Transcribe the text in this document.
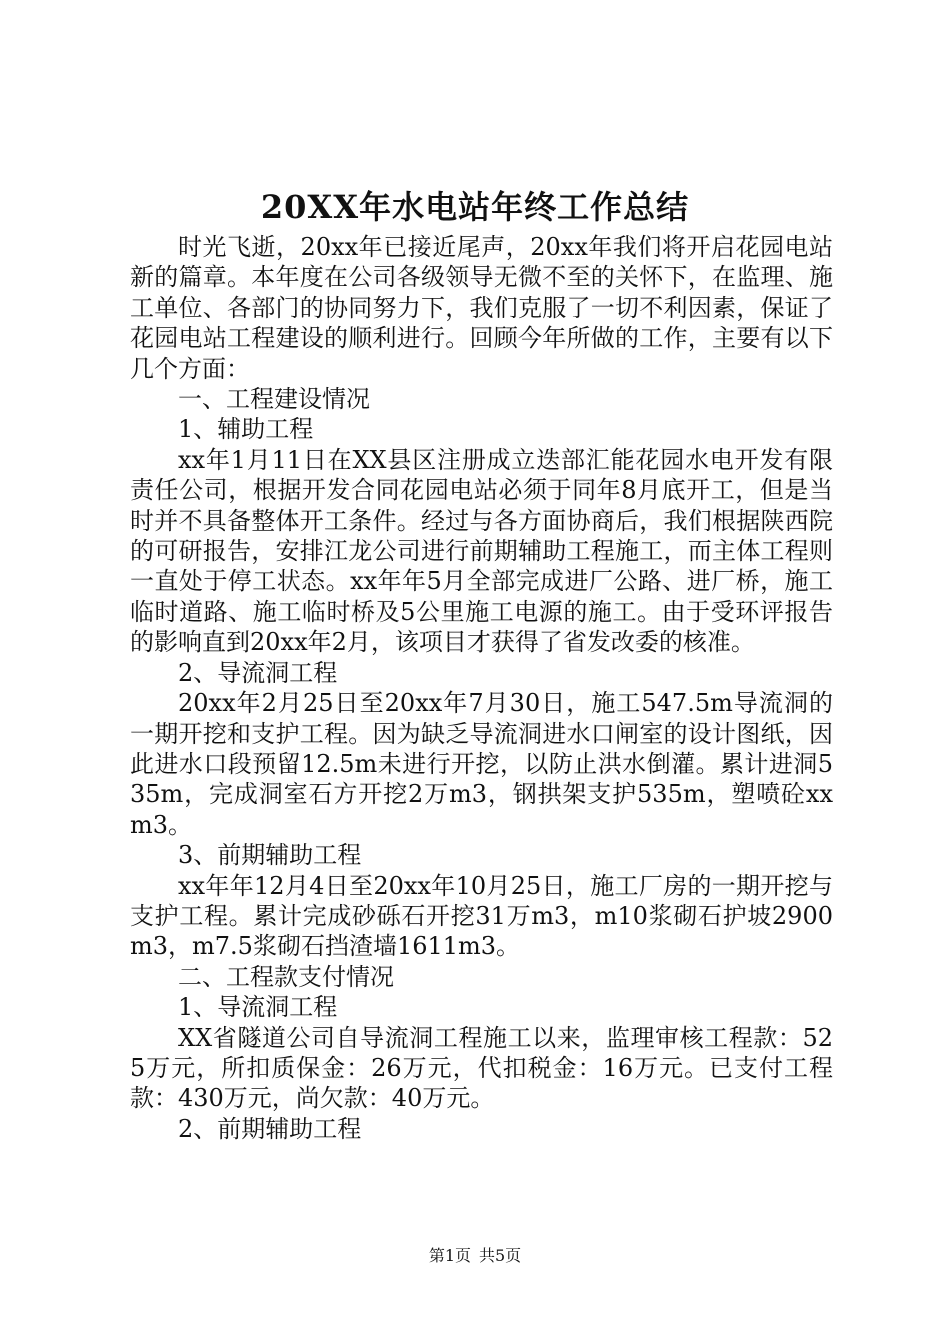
20XX年水电站年终工作总结

时光飞逝，20xx年已接近尾声，20xx年我们将开启花园电站新的篇章。本年度在公司各级领导无微不至的关怀下，在监理、施工单位、各部门的协同努力下，我们克服了一切不利因素，保证了花园电站工程建设的顺利进行。回顾今年所做的工作，主要有以下几个方面：

一、工程建设情况

1、辅助工程

xx年1月11日在XX县区注册成立迭部汇能花园水电开发有限责任公司，根据开发合同花园电站必须于同年8月底开工，但是当时并不具备整体开工条件。经过与各方面协商后，我们根据陕西院的可研报告，安排江龙公司进行前期辅助工程施工，而主体工程则一直处于停工状态。xx年年5月全部完成进厂公路、进厂桥，施工临时道路、施工临时桥及5公里施工电源的施工。由于受环评报告的影响直到20xx年2月，该项目才获得了省发改委的核准。

2、导流洞工程

20xx年2月25日至20xx年7月30日，施工547.5m导流洞的一期开挖和支护工程。因为缺乏导流洞进水口闸室的设计图纸，因此进水口段预留12.5m未进行开挖，以防止洪水倒灌。累计进洞535m，完成洞室石方开挖2万m3，钢拱架支护535m，塑喷砼xxm3。

3、前期辅助工程

xx年年12月4日至20xx年10月25日，施工厂房的一期开挖与支护工程。累计完成砂砾石开挖31万m3，m10浆砌石护坡2900m3，m7.5浆砌石挡渣墙1611m3。

二、工程款支付情况

1、导流洞工程

XX省隧道公司自导流洞工程施工以来，监理审核工程款：525万元，所扣质保金：26万元，代扣税金：16万元。已支付工程款：430万元，尚欠款：40万元。

2、前期辅助工程

第1页 共5页
